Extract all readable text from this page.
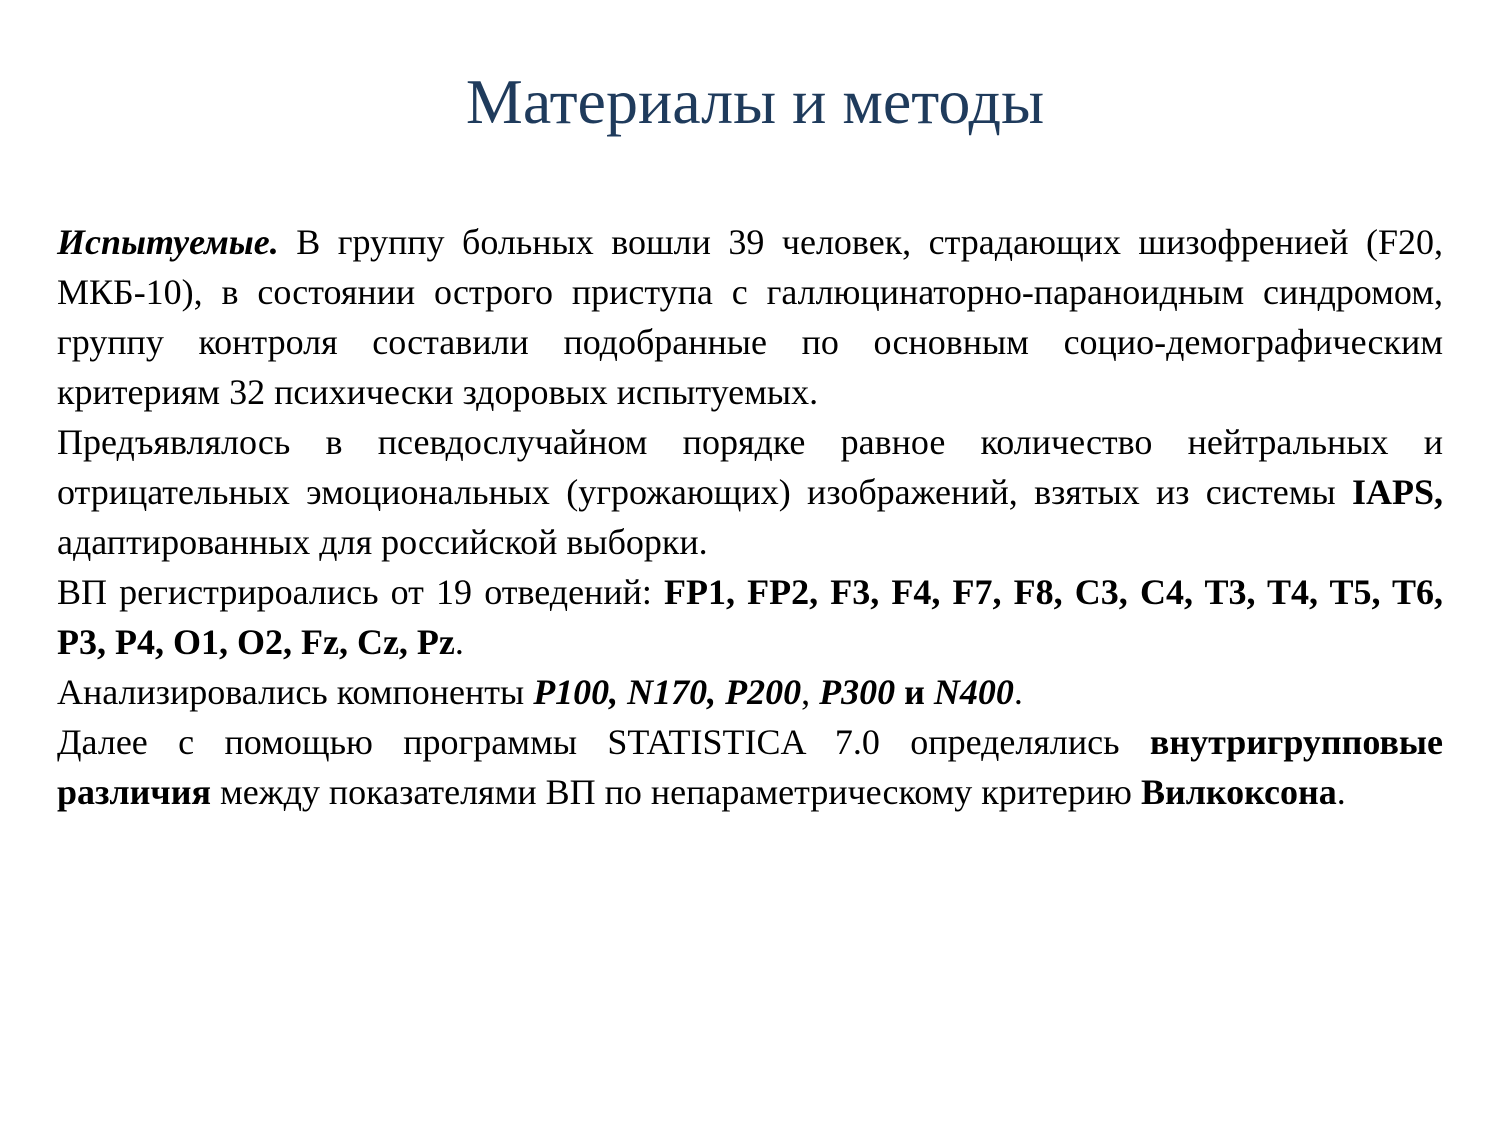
Материалы и методы

Испытуемые. В группу больных вошли 39 человек, страдающих шизофренией (F20, МКБ-10), в состоянии острого приступа с галлюцинаторно-параноидным синдромом, группу контроля составили подобранные по основным социо-демографическим критериям 32 психически здоровых испытуемых.

Предъявлялось в псевдослучайном порядке равное количество нейтральных и отрицательных эмоциональных (угрожающих) изображений, взятых из системы IAPS, адаптированных для российской выборки.

ВП регистрироались от 19 отведений: FP1, FP2, F3, F4, F7, F8, C3, C4, T3, T4, T5, T6, P3, P4, O1, O2, Fz, Cz, Pz.

Анализировались компоненты P100, N170, P200, P300 и N400.

Далее с помощью программы STATISTICA 7.0 определялись внутригрупповые различия между показателями ВП по непараметрическому критерию Вилкоксона.
